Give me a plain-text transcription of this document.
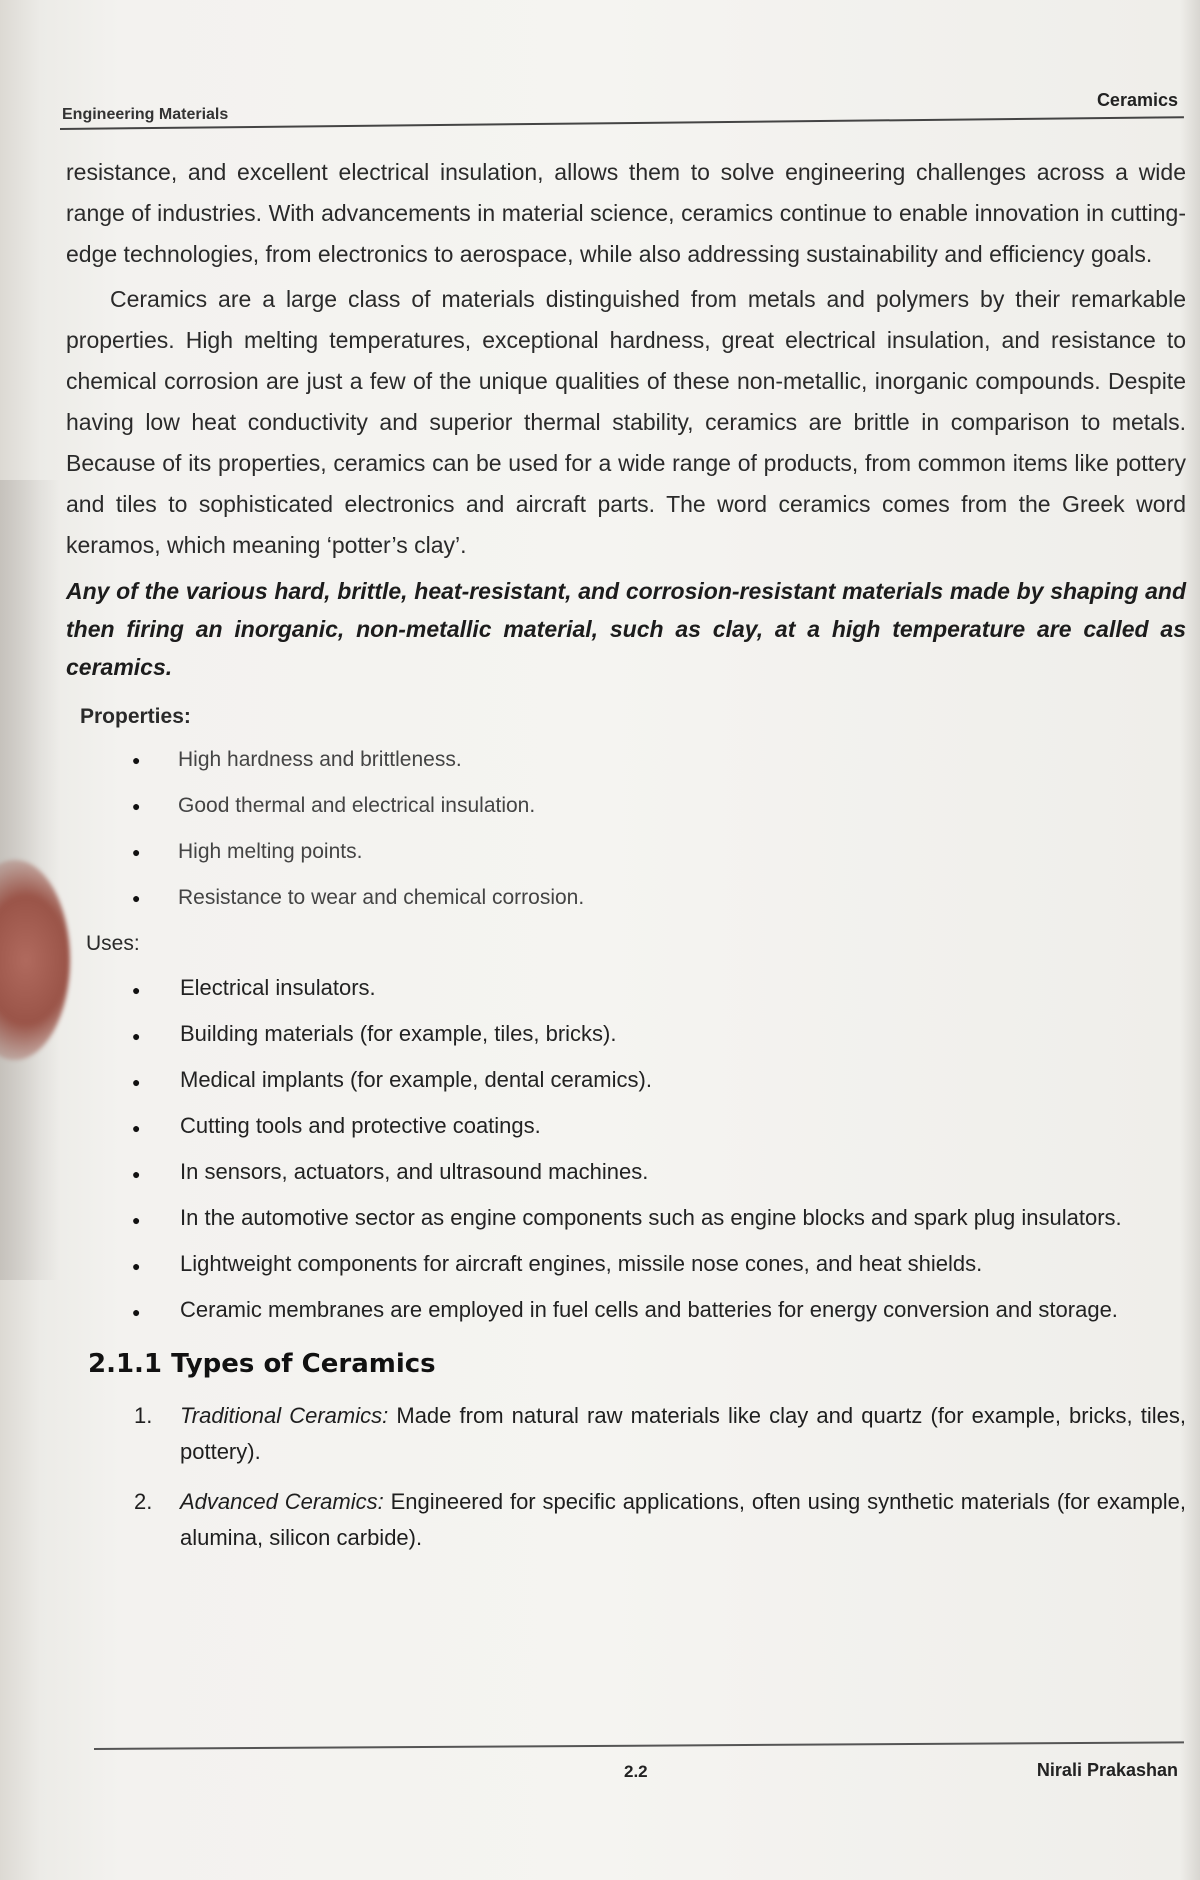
Engineering Materials
Ceramics

resistance, and excellent electrical insulation, allows them to solve engineering challenges across a wide range of industries. With advancements in material science, ceramics continue to enable innovation in cutting-edge technologies, from electronics to aerospace, while also addressing sustainability and efficiency goals.

Ceramics are a large class of materials distinguished from metals and polymers by their remarkable properties. High melting temperatures, exceptional hardness, great electrical insulation, and resistance to chemical corrosion are just a few of the unique qualities of these non-metallic, inorganic compounds. Despite having low heat conductivity and superior thermal stability, ceramics are brittle in comparison to metals. Because of its properties, ceramics can be used for a wide range of products, from common items like pottery and tiles to sophisticated electronics and aircraft parts. The word ceramics comes from the Greek word keramos, which meaning ‘potter’s clay’.

Any of the various hard, brittle, heat-resistant, and corrosion-resistant materials made by shaping and then firing an inorganic, non-metallic material, such as clay, at a high temperature are called as ceramics.

Properties:
● High hardness and brittleness.
● Good thermal and electrical insulation.
● High melting points.
● Resistance to wear and chemical corrosion.
Uses:
● Electrical insulators.
● Building materials (for example, tiles, bricks).
● Medical implants (for example, dental ceramics).
● Cutting tools and protective coatings.
● In sensors, actuators, and ultrasound machines.
● In the automotive sector as engine components such as engine blocks and spark plug insulators.
● Lightweight components for aircraft engines, missile nose cones, and heat shields.
● Ceramic membranes are employed in fuel cells and batteries for energy conversion and storage.
2.1.1 Types of Ceramics
1. Traditional Ceramics: Made from natural raw materials like clay and quartz (for example, bricks, tiles, pottery).
2. Advanced Ceramics: Engineered for specific applications, often using synthetic materials (for example, alumina, silicon carbide).
2.2	Nirali Prakashan
